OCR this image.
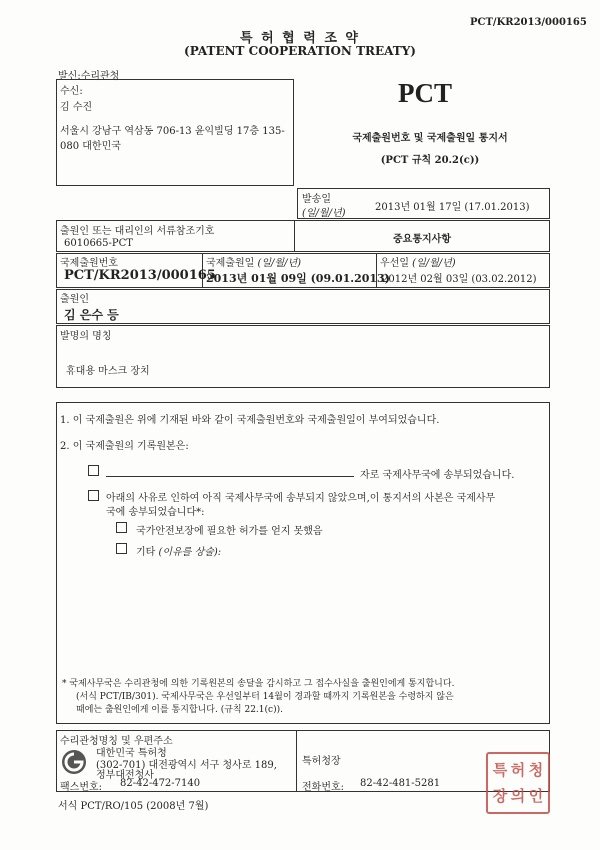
PCT/KR2013/000165
특 허 협 력 조 약
(PATENT COOPERATION TREATY)
발신:수리관청
수신:
김 수진
서울시 강남구 역삼동 706-13 윤익빌딩 17층 135-080 대한민국
PCT
국제출원번호 및 국제출원일 통지서
(PCT 규칙 20.2(c))
발송일
(일/월/년)
2013년 01월 17일 (17.01.2013)
출원인 또는 대리인의 서류참조기호
6010665-PCT	중요통지사항
국제출원번호
PCT/KR2013/000165
국제출원일 (일/월/년)
2013년 01월 09일 (09.01.2013)
우선일 (일/월/년)
2012년 02월 03일 (03.02.2012)
출원인
김 은수 등
발명의 명칭
휴대용 마스크 장치
1. 이 국제출원은 위에 기재된 바와 같이 국제출원번호와 국제출원일이 부여되었습니다.
2. 이 국제출원의 기록원본은:
자로 국제사무국에 송부되었습니다.
아래의 사유로 인하여 아직 국제사무국에 송부되지 않았으며,이 통지서의 사본은 국제사무
국에 송부되었습니다*:
국가안전보장에 필요한 허가를 얻지 못했음
기타 (이유를 상술):
* 국제사무국은 수리관청에 의한 기록원본의 송달을 감시하고 그 접수사실을 출원인에게 통지합니다.
(서식 PCT/IB/301). 국제사무국은 우선일부터 14월이 경과할 때까지 기록원본을 수령하지 않은
때에는 출원인에게 이를 통지합니다. (규칙 22.1(c)).
수리관청명칭 및 우편주소
대한민국 특허청
(302-701) 대전광역시 서구 청사로 189,
정부대전청사
팩스번호: 82-42-472-7140
특허청장
전화번호: 82-42-481-5281
특 허 청
장 의 인
서식 PCT/RO/105 (2008년 7월)
